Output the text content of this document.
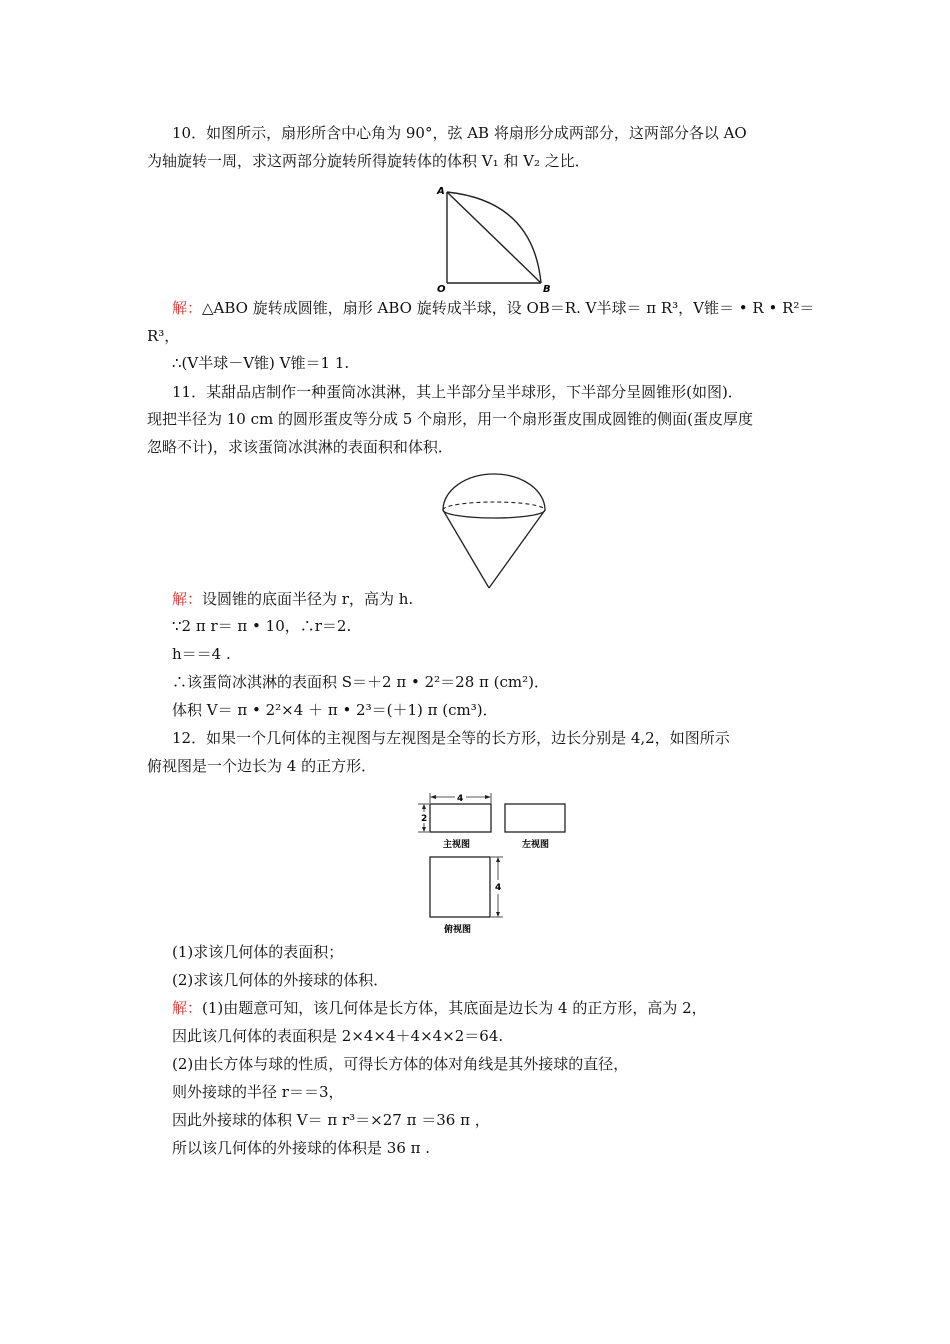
10．如图所示，扇形所含中心角为 90°，弦 AB 将扇形分成两部分，这两部分各以 AO
为轴旋转一周，求这两部分旋转所得旋转体的体积 V₁ 和 V₂ 之比．
A
O	B
解：△ABO 旋转成圆锥，扇形 ABO 旋转成半球，设 OB＝R. V半球＝ π R³，V锥＝ • R • R²＝
R³，
∴(V半球－V锥) V锥＝1 1.
11．某甜品店制作一种蛋筒冰淇淋，其上半部分呈半球形，下半部分呈圆锥形(如图)．
现把半径为 10 cm 的圆形蛋皮等分成 5 个扇形，用一个扇形蛋皮围成圆锥的侧面(蛋皮厚度
忽略不计)，求该蛋筒冰淇淋的表面积和体积．
解：设圆锥的底面半径为 r，高为 h.
∵2 π r＝ π • 10，∴r＝2.
h＝＝4 .
∴该蛋筒冰淇淋的表面积 S＝＋2 π • 2²＝28 π (cm²)．
体积 V＝ π • 2²×4 ＋ π • 2³＝(＋1) π (cm³)．
12．如果一个几何体的主视图与左视图是全等的长方形，边长分别是 4,2，如图所示
俯视图是一个边长为 4 的正方形．
4
2
主视图	左视图
4
俯视图
(1)求该几何体的表面积；
(2)求该几何体的外接球的体积．
解：(1)由题意可知，该几何体是长方体，其底面是边长为 4 的正方形，高为 2，
因此该几何体的表面积是 2×4×4＋4×4×2＝64.
(2)由长方体与球的性质，可得长方体的体对角线是其外接球的直径，
则外接球的半径 r＝＝3，
因此外接球的体积 V＝ π r³＝×27 π ＝36 π ，
所以该几何体的外接球的体积是 36 π .
